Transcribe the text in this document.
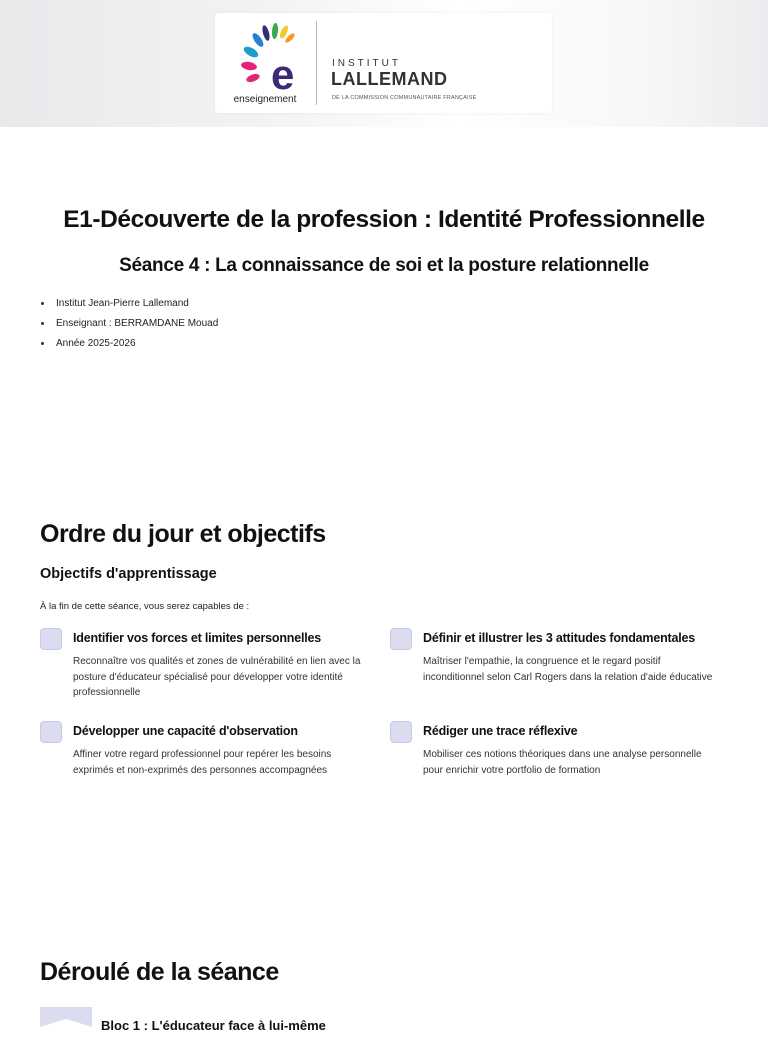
e
enseignement
INSTITUT
LALLEMAND
DE LA COMMISSION COMMUNAUTAIRE FRANÇAISE
E1-Découverte de la profession : Identité Professionnelle
Séance 4 : La connaissance de soi et la posture relationnelle
Institut Jean-Pierre Lallemand
Enseignant : BERRAMDANE Mouad
Année 2025-2026
Ordre du jour et objectifs
Objectifs d'apprentissage

À la fin de cette séance, vous serez capables de :

Identifier vos forces et limites personnelles
Reconnaître vos qualités et zones de vulnérabilité en lien avec la posture d'éducateur spécialisé pour développer votre identité professionnelle
Définir et illustrer les 3 attitudes fondamentales
Maîtriser l'empathie, la congruence et le regard positif inconditionnel selon Carl Rogers dans la relation d'aide éducative
Développer une capacité d'observation
Affiner votre regard professionnel pour repérer les besoins exprimés et non-exprimés des personnes accompagnées
Rédiger une trace réflexive
Mobiliser ces notions théoriques dans une analyse personnelle pour enrichir votre portfolio de formation
Déroulé de la séance
Bloc 1 : L'éducateur face à lui-même
